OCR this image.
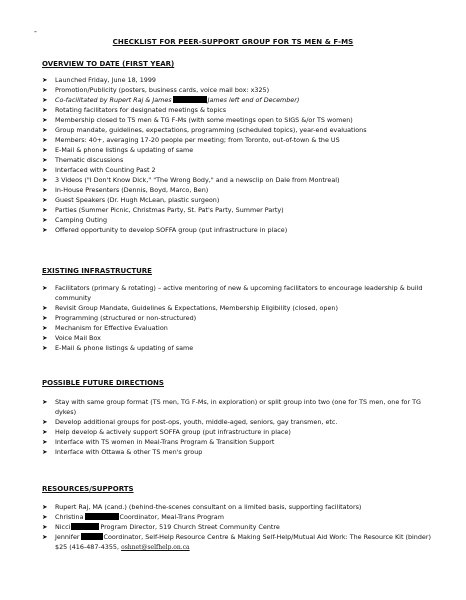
-
CHECKLIST FOR PEER-SUPPORT GROUP FOR TS MEN & F-MS
OVERVIEW TO DATE (FIRST YEAR)
➤ Launched Friday, June 18, 1999
➤ Promotion/Publicity (posters, business cards, voice mail box: x325)
➤ Co-facilitated by Rupert Raj & James	James left end of December)
➤ Rotating facilitators for designated meetings & topics
➤ Membership closed to TS men & TG F-Ms (with some meetings open to SIGS &/or TS women)
➤ Group mandate, guidelines, expectations, programming (scheduled topics), year-end evaluations
➤ Members: 40+, averaging 17-20 people per meeting; from Toronto, out-of-town & the US
➤ E-Mail & phone listings & updating of same
➤ Thematic discussions
➤ Interfaced with Counting Past 2
➤ 3 Videos ("I Don't Know Dick," "The Wrong Body," and a newsclip on Dale from Montreal)
➤ In-House Presenters (Dennis, Boyd, Marco, Ben)
➤ Guest Speakers (Dr. Hugh McLean, plastic surgeon)
➤ Parties (Summer Picnic, Christmas Party, St. Pat's Party, Summer Party)
➤ Camping Outing
➤ Offered opportunity to develop SOFFA group (put infrastructure in place)
EXISTING INFRASTRUCTURE
➤ Facilitators (primary & rotating) – active mentoring of new & upcoming facilitators to encourage leadership & build community
➤ Revisit Group Mandate, Guidelines & Expectations, Membership Eligibility (closed, open)
➤ Programming (structured or non-structured)
➤ Mechanism for Effective Evaluation
➤ Voice Mail Box
➤ E-Mail & phone listings & updating of same
POSSIBLE FUTURE DIRECTIONS
➤ Stay with same group format (TS men, TG F-Ms, in exploration) or split group into two (one for TS men, one for TG dykes)
➤ Develop additional groups for post-ops, youth, middle-aged, seniors, gay transmen, etc.
➤ Help develop & actively support SOFFA group (put infrastructure in place)
➤ Interface with TS women in Meal-Trans Program & Transition Support
➤ Interface with Ottawa & other TS men's group
RESOURCES/SUPPORTS
➤ Rupert Raj, MA (cand.) (behind-the-scenes consultant on a limited basis, supporting facilitators)
➤ Christina	Coordinator, Meal-Trans Program
➤ Nicci	Program Director, 519 Church Street Community Centre
➤ Jennifer	Coordinator, Self-Help Resource Centre & Making Self-Help/Mutual Aid Work: The Resource Kit (binder) $25 (416-487-4355, oshnet@selfhelp.on.ca
